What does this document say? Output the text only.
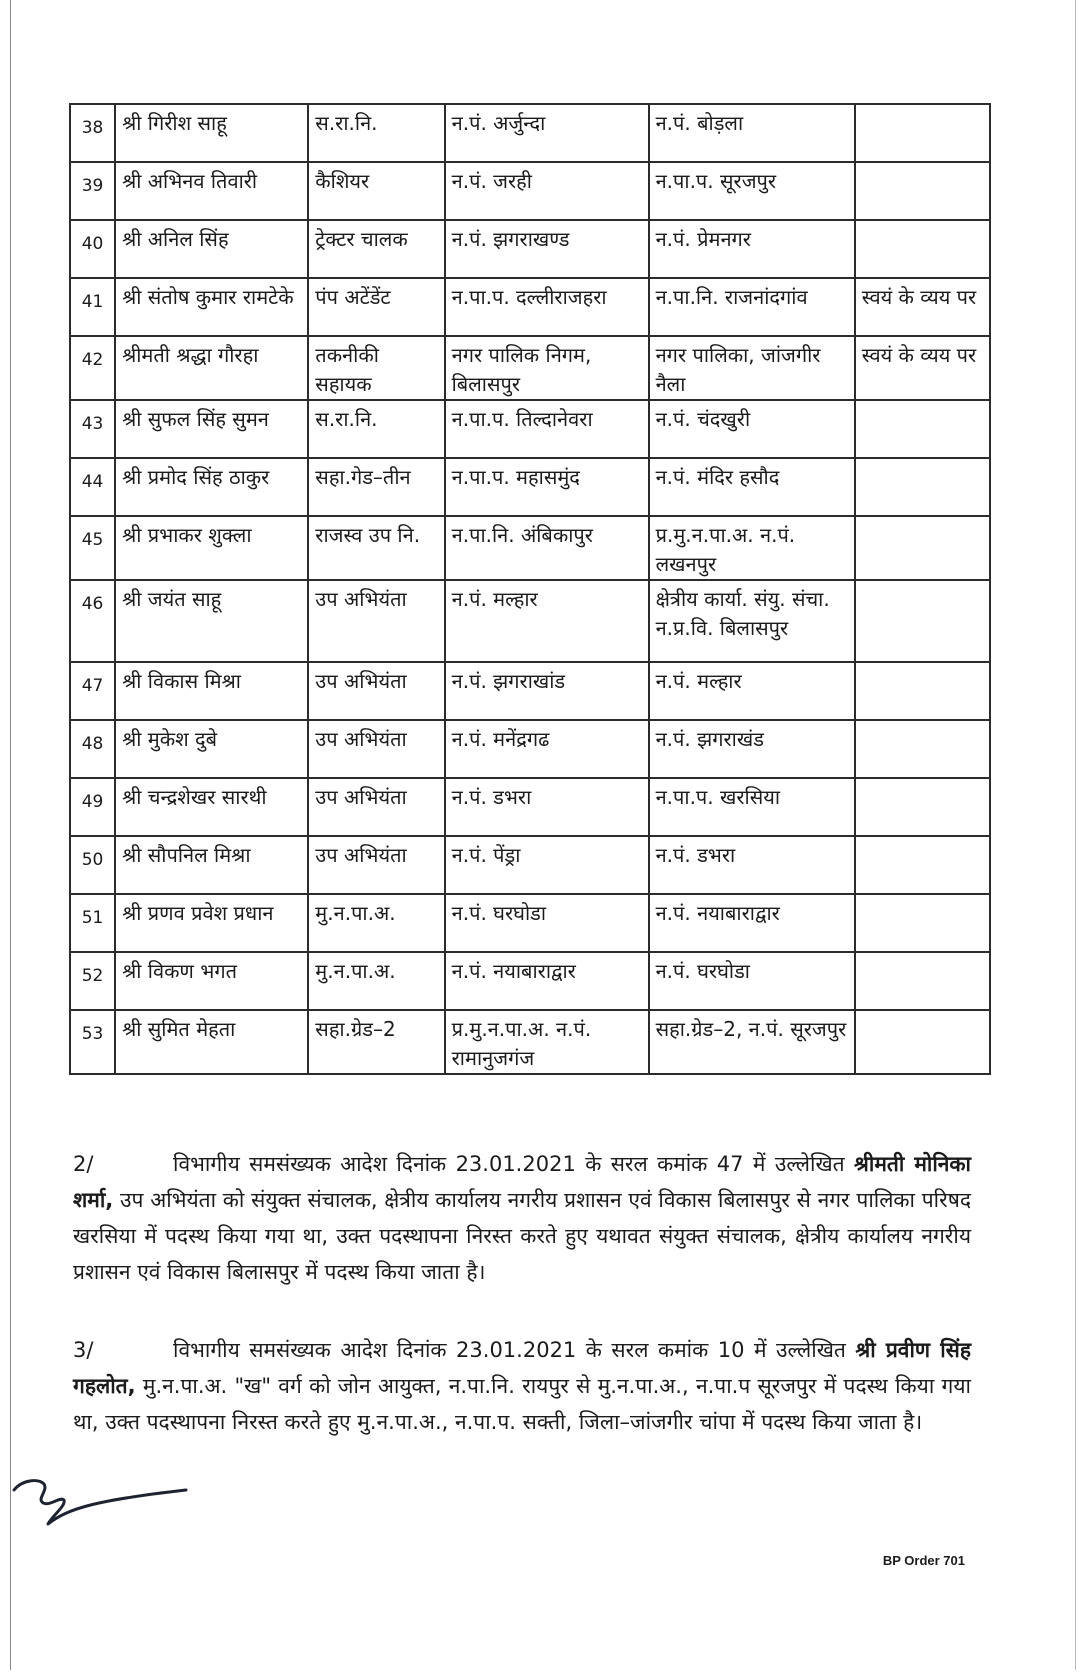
38	श्री गिरीश साहू	स.रा.नि.	न.पं. अर्जुन्दा	न.पं. बोड़ला	
39	श्री अभिनव तिवारी	कैशियर	न.पं. जरही	न.पा.प. सूरजपुर	
40	श्री अनिल सिंह	ट्रेक्टर चालक	न.पं. झगराखण्ड	न.पं. प्रेमनगर	
41	श्री संतोष कुमार रामटेके	पंप अटेंडेंट	न.पा.प. दल्लीराजहरा	न.पा.नि. राजनांदगांव	स्वयं के व्यय पर
42	श्रीमती श्रद्धा गौरहा	तकनीकी सहायक	नगर पालिक निगम, बिलासपुर	नगर पालिका, जांजगीर नैला	स्वयं के व्यय पर
43	श्री सुफल सिंह सुमन	स.रा.नि.	न.पा.प. तिल्दानेवरा	न.पं. चंदखुरी	
44	श्री प्रमोद सिंह ठाकुर	सहा.गेड–तीन	न.पा.प. महासमुंद	न.पं. मंदिर हसौद	
45	श्री प्रभाकर शुक्ला	राजस्व उप नि.	न.पा.नि. अंबिकापुर	प्र.मु.न.पा.अ. न.पं. लखनपुर	
46	श्री जयंत साहू	उप अभियंता	न.पं. मल्हार	क्षेत्रीय कार्या. संयु. संचा. न.प्र.वि. बिलासपुर	
47	श्री विकास मिश्रा	उप अभियंता	न.पं. झगराखांड	न.पं. मल्हार	
48	श्री मुकेश दुबे	उप अभियंता	न.पं. मनेंद्रगढ	न.पं. झगराखंड	
49	श्री चन्द्रशेखर सारथी	उप अभियंता	न.पं. डभरा	न.पा.प. खरसिया	
50	श्री सौपनिल मिश्रा	उप अभियंता	न.पं. पेंड्रा	न.पं. डभरा	
51	श्री प्रणव प्रवेश प्रधान	मु.न.पा.अ.	न.पं. घरघोडा	न.पं. नयाबाराद्वार	
52	श्री विकण भगत	मु.न.पा.अ.	न.पं. नयाबाराद्वार	न.पं. घरघोडा	
53	श्री सुमित मेहता	सहा.ग्रेड–2	प्र.मु.न.पा.अ. न.पं. रामानुजगंज	सहा.ग्रेड–2, न.पं. सूरजपुर	

2/	विभागीय समसंख्यक आदेश दिनांक 23.01.2021 के सरल कमांक 47 में उल्लेखित श्रीमती मोनिका शर्मा, उप अभियंता को संयुक्त संचालक, क्षेत्रीय कार्यालय नगरीय प्रशासन एवं विकास बिलासपुर से नगर पालिका परिषद खरसिया में पदस्थ किया गया था, उक्त पदस्थापना निरस्त करते हुए यथावत संयुक्त संचालक, क्षेत्रीय कार्यालय नगरीय प्रशासन एवं विकास बिलासपुर में पदस्थ किया जाता है।

3/	विभागीय समसंख्यक आदेश दिनांक 23.01.2021 के सरल कमांक 10 में उल्लेखित श्री प्रवीण सिंह गहलोत, मु.न.पा.अ. "ख" वर्ग को जोन आयुक्त, न.पा.नि. रायपुर से मु.न.पा.अ., न.पा.प सूरजपुर में पदस्थ किया गया था, उक्त पदस्थापना निरस्त करते हुए मु.न.पा.अ., न.पा.प. सक्ती, जिला–जांजगीर चांपा में पदस्थ किया जाता है।

BP Order 701
